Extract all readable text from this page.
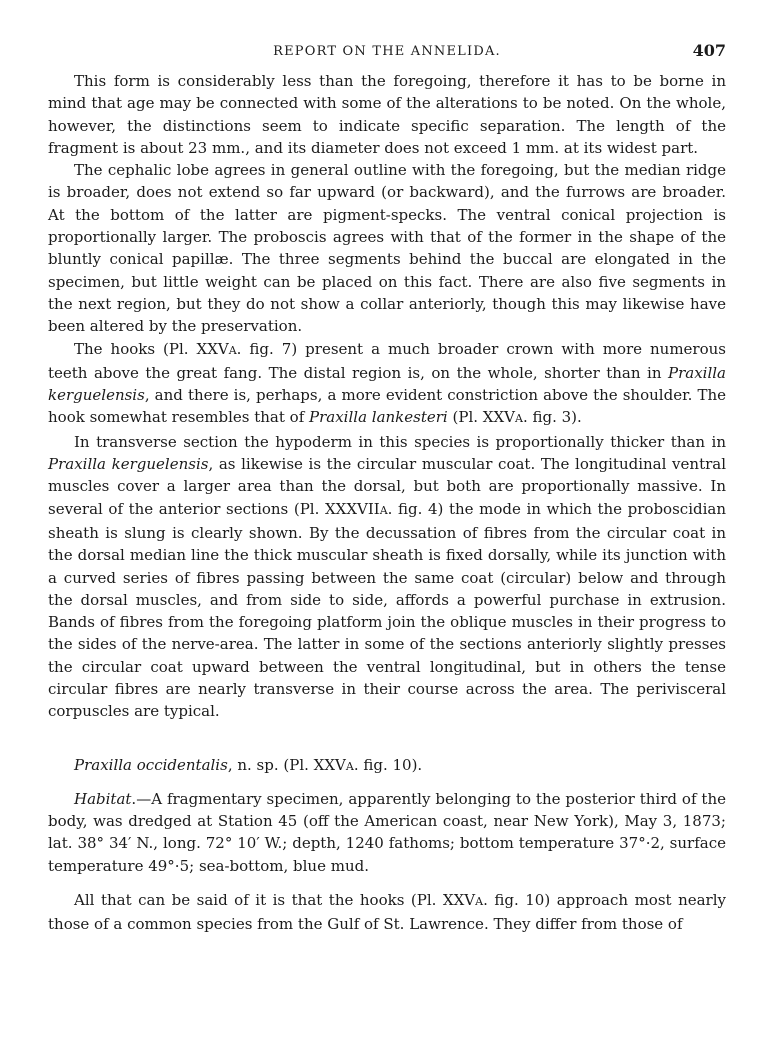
REPORT ON THE ANNELIDA.	407

This form is considerably less than the foregoing, therefore it has to be borne in mind that age may be connected with some of the alterations to be noted. On the whole, however, the distinctions seem to indicate specific separation. The length of the fragment is about 23 mm., and its diameter does not exceed 1 mm. at its widest part.

The cephalic lobe agrees in general outline with the foregoing, but the median ridge is broader, does not extend so far upward (or backward), and the furrows are broader. At the bottom of the latter are pigment-specks. The ventral conical projection is proportionally larger. The proboscis agrees with that of the former in the shape of the bluntly conical papillæ. The three segments behind the buccal are elongated in the specimen, but little weight can be placed on this fact. There are also five segments in the next region, but they do not show a collar anteriorly, though this may likewise have been altered by the preservation.

The hooks (Pl. XXVA. fig. 7) present a much broader crown with more numerous teeth above the great fang. The distal region is, on the whole, shorter than in Praxilla kerguelensis, and there is, perhaps, a more evident constriction above the shoulder. The hook somewhat resembles that of Praxilla lankesteri (Pl. XXVA. fig. 3).

In transverse section the hypoderm in this species is proportionally thicker than in Praxilla kerguelensis, as likewise is the circular muscular coat. The longitudinal ventral muscles cover a larger area than the dorsal, but both are proportionally massive. In several of the anterior sections (Pl. XXXVIIA. fig. 4) the mode in which the proboscidian sheath is slung is clearly shown. By the decussation of fibres from the circular coat in the dorsal median line the thick muscular sheath is fixed dorsally, while its junction with a curved series of fibres passing between the same coat (circular) below and through the dorsal muscles, and from side to side, affords a powerful purchase in extrusion. Bands of fibres from the foregoing platform join the oblique muscles in their progress to the sides of the nerve-area. The latter in some of the sections anteriorly slightly presses the circular coat upward between the ventral longitudinal, but in others the tense circular fibres are nearly transverse in their course across the area. The perivisceral corpuscles are typical.

Praxilla occidentalis, n. sp. (Pl. XXVA. fig. 10).

Habitat.—A fragmentary specimen, apparently belonging to the posterior third of the body, was dredged at Station 45 (off the American coast, near New York), May 3, 1873; lat. 38° 34′ N., long. 72° 10′ W.; depth, 1240 fathoms; bottom temperature 37°·2, surface temperature 49°·5; sea-bottom, blue mud.

All that can be said of it is that the hooks (Pl. XXVA. fig. 10) approach most nearly those of a common species from the Gulf of St. Lawrence. They differ from those of
